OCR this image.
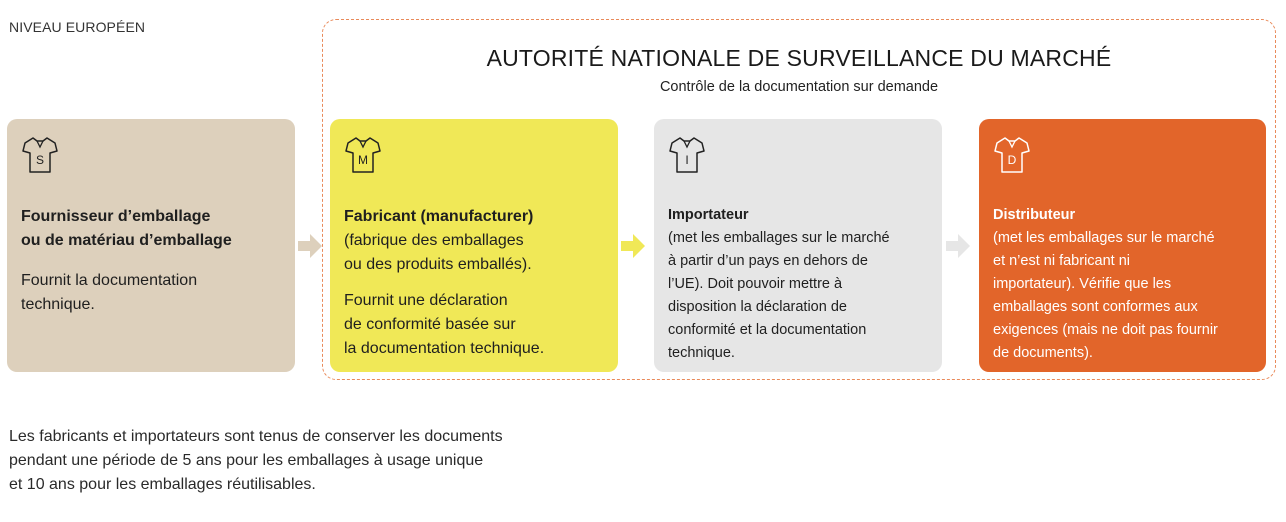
NIVEAU EUROPÉEN
AUTORITÉ NATIONALE DE SURVEILLANCE DU MARCHÉ
Contrôle de la documentation sur demande
S
Fournisseur d’emballage
ou de matériau d’emballage
Fournit la documentation
technique.
M
Fabricant (manufacturer)
(fabrique des emballages
ou des produits emballés).
Fournit une déclaration
de conformité basée sur
la documentation technique.
I
Importateur
(met les emballages sur le marché
à partir d’un pays en dehors de
l’UE). Doit pouvoir mettre à
disposition la déclaration de
conformité et la documentation
technique.
D
Distributeur
(met les emballages sur le marché
et n’est ni fabricant ni
importateur). Vérifie que les
emballages sont conformes aux
exigences (mais ne doit pas fournir
de documents).
Les fabricants et importateurs sont tenus de conserver les documents
pendant une période de 5 ans pour les emballages à usage unique
et 10 ans pour les emballages réutilisables.
